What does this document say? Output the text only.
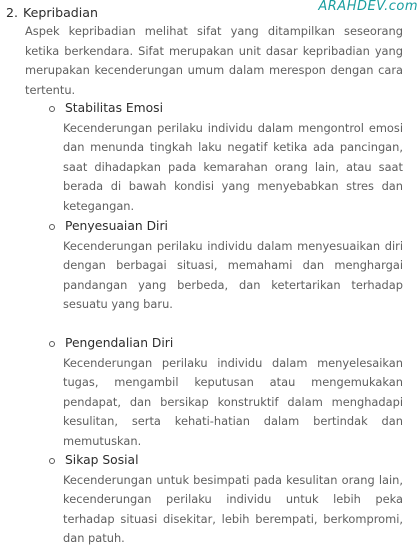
ARAHDEV.com
2. Kepribadian

Aspek kepribadian melihat sifat yang ditampilkan seseorang ketika berkendara. Sifat merupakan unit dasar kepribadian yang merupakan kecenderungan umum dalam merespon dengan cara tertentu.

Stabilitas Emosi

Kecenderungan perilaku individu dalam mengontrol emosi dan menunda tingkah laku negatif ketika ada pancingan, saat dihadapkan pada kemarahan orang lain, atau saat berada di bawah kondisi yang menyebabkan stres dan ketegangan.

Penyesuaian Diri

Kecenderungan perilaku individu dalam menyesuaikan diri dengan berbagai situasi, memahami dan menghargai pandangan yang berbeda, dan ketertarikan terhadap sesuatu yang baru.

Pengendalian Diri

Kecenderungan perilaku individu dalam menyelesaikan tugas, mengambil keputusan atau mengemukakan pendapat, dan bersikap konstruktif dalam menghadapi kesulitan, serta kehati-hatian dalam bertindak dan memutuskan.

Sikap Sosial

Kecenderungan untuk besimpati pada kesulitan orang lain, kecenderungan perilaku individu untuk lebih peka terhadap situasi disekitar, lebih berempati, berkompromi, dan patuh.
